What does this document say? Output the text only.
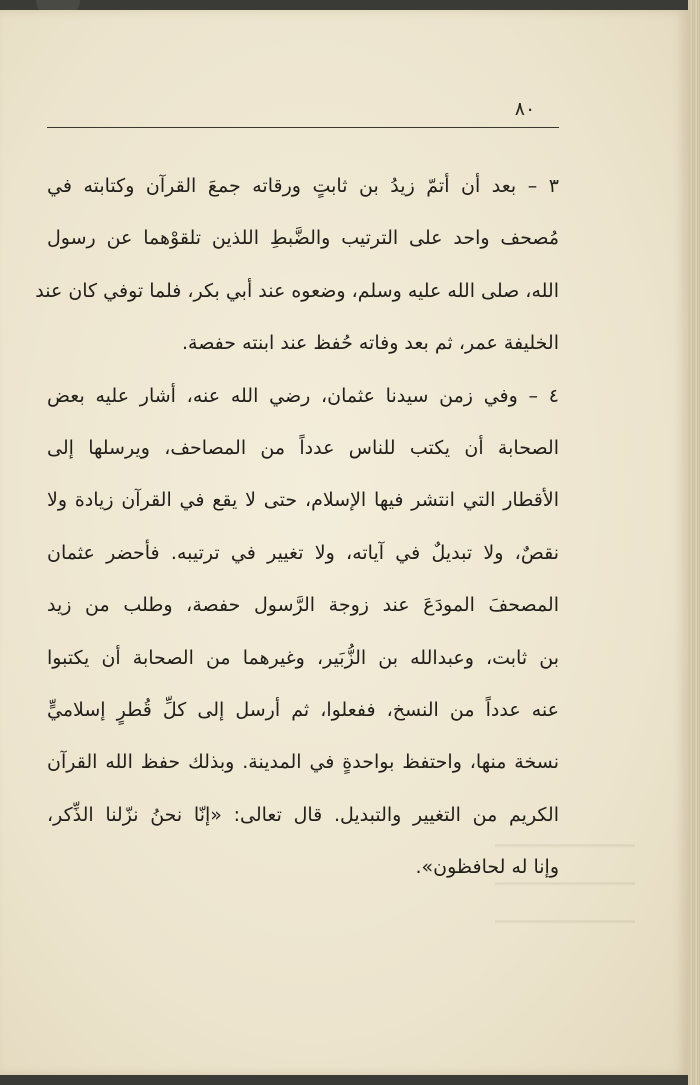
٨٠
٣ – بعد أن أتمّ زيدُ بن ثابتٍ ورقاته جمعَ القرآن وكتابته في
مُصحف واحد على الترتيب والضَّبطِ اللذين تلقوْهما عن رسول
الله، صلى الله عليه وسلم، وضعوه عند أبي بكر، فلما توفي كان عند
الخليفة عمر، ثم بعد وفاته حُفظ عند ابنته حفصة.
٤ – وفي زمن سيدنا عثمان، رضي الله عنه، أشار عليه بعض
الصحابة أن يكتب للناس عدداً من المصاحف، ويرسلها إلى
الأقطار التي انتشر فيها الإسلام، حتى لا يقع في القرآن زيادة ولا
نقصٌ، ولا تبديلٌ في آياته، ولا تغيير في ترتيبه. فأحضر عثمان
المصحفَ المودَعَ عند زوجة الرَّسول حفصة، وطلب من زيد
بن ثابت، وعبدالله بن الزُّبَير، وغيرهما من الصحابة أن يكتبوا
عنه عدداً من النسخ، ففعلوا، ثم أرسل إلى كلِّ قُطرٍ إسلاميٍّ
نسخة منها، واحتفظ بواحدةٍ في المدينة. وبذلك حفظ الله القرآن
الكريم من التغيير والتبديل. قال تعالى: «إنّا نحنُ نزّلنا الذِّكر،
وإنا له لحافظون».
